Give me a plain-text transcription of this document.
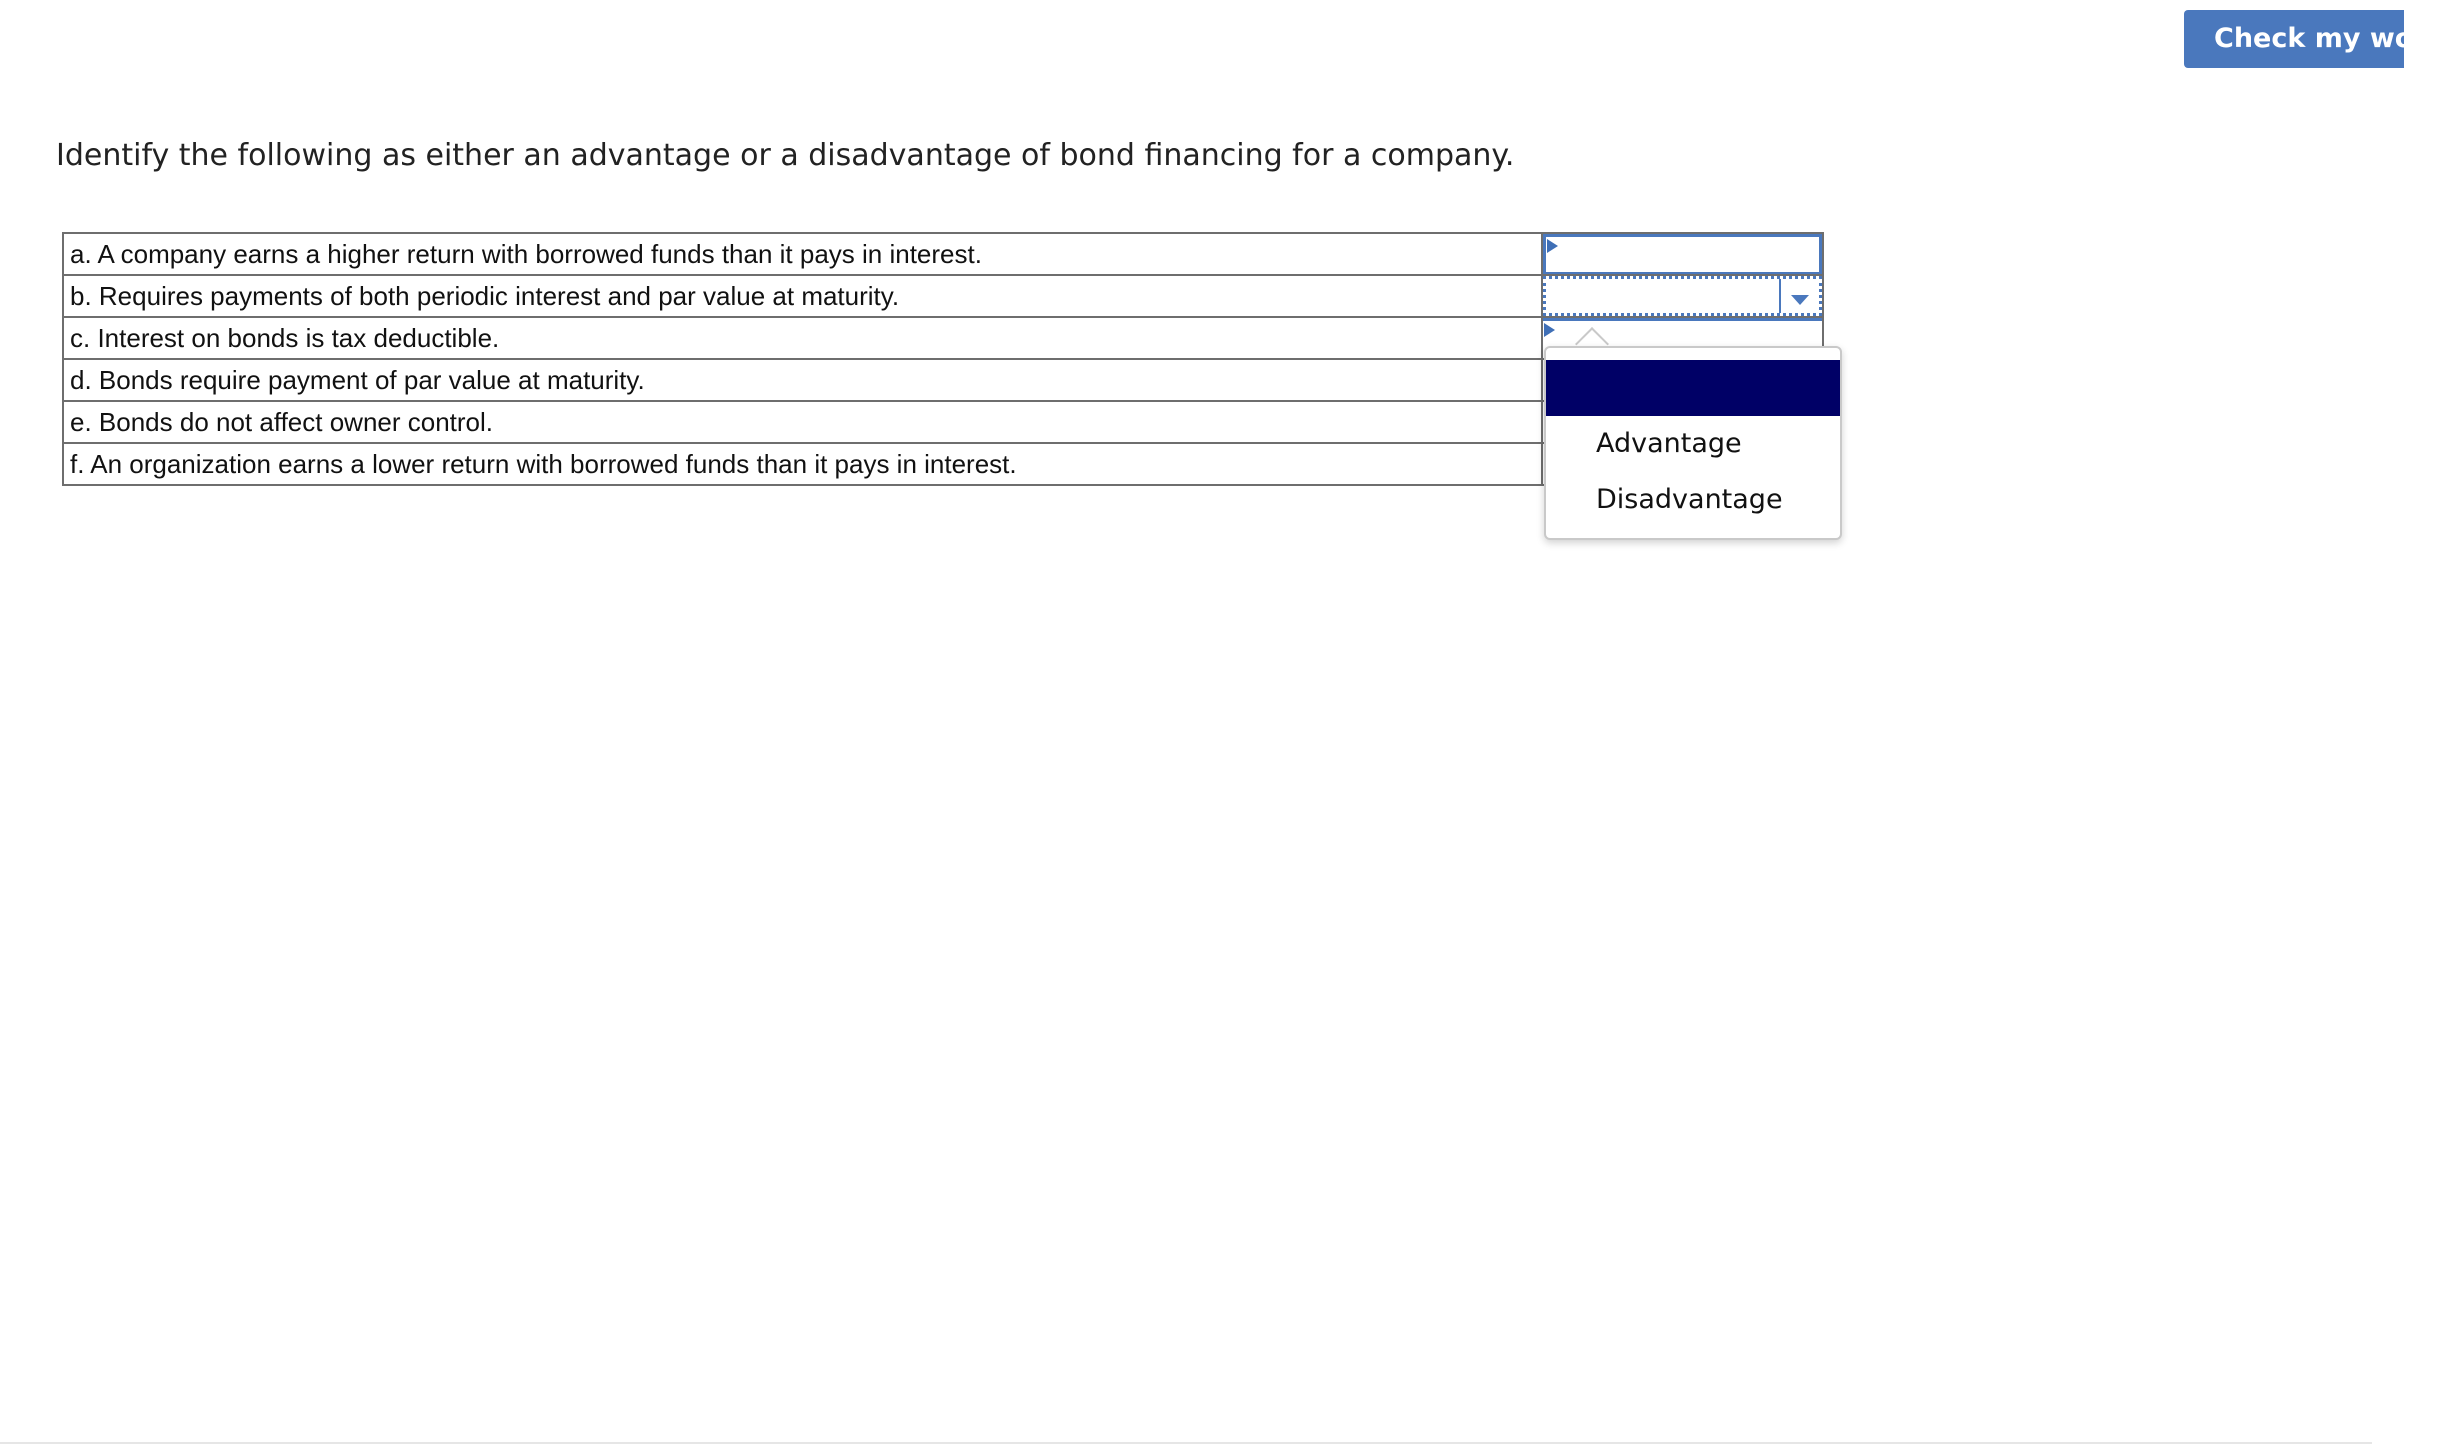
Check my work

Identify the following as either an advantage or a disadvantage of bond financing for a company.

a. A company earns a higher return with borrowed funds than it pays in interest.	

b. Requires payments of both periodic interest and par value at maturity.	

c. Interest on bonds is tax deductible.	

d. Bonds require payment of par value at maturity.	
e. Bonds do not affect owner control.	
f. An organization earns a lower return with borrowed funds than it pays in interest.	
Advantage
Disadvantage
